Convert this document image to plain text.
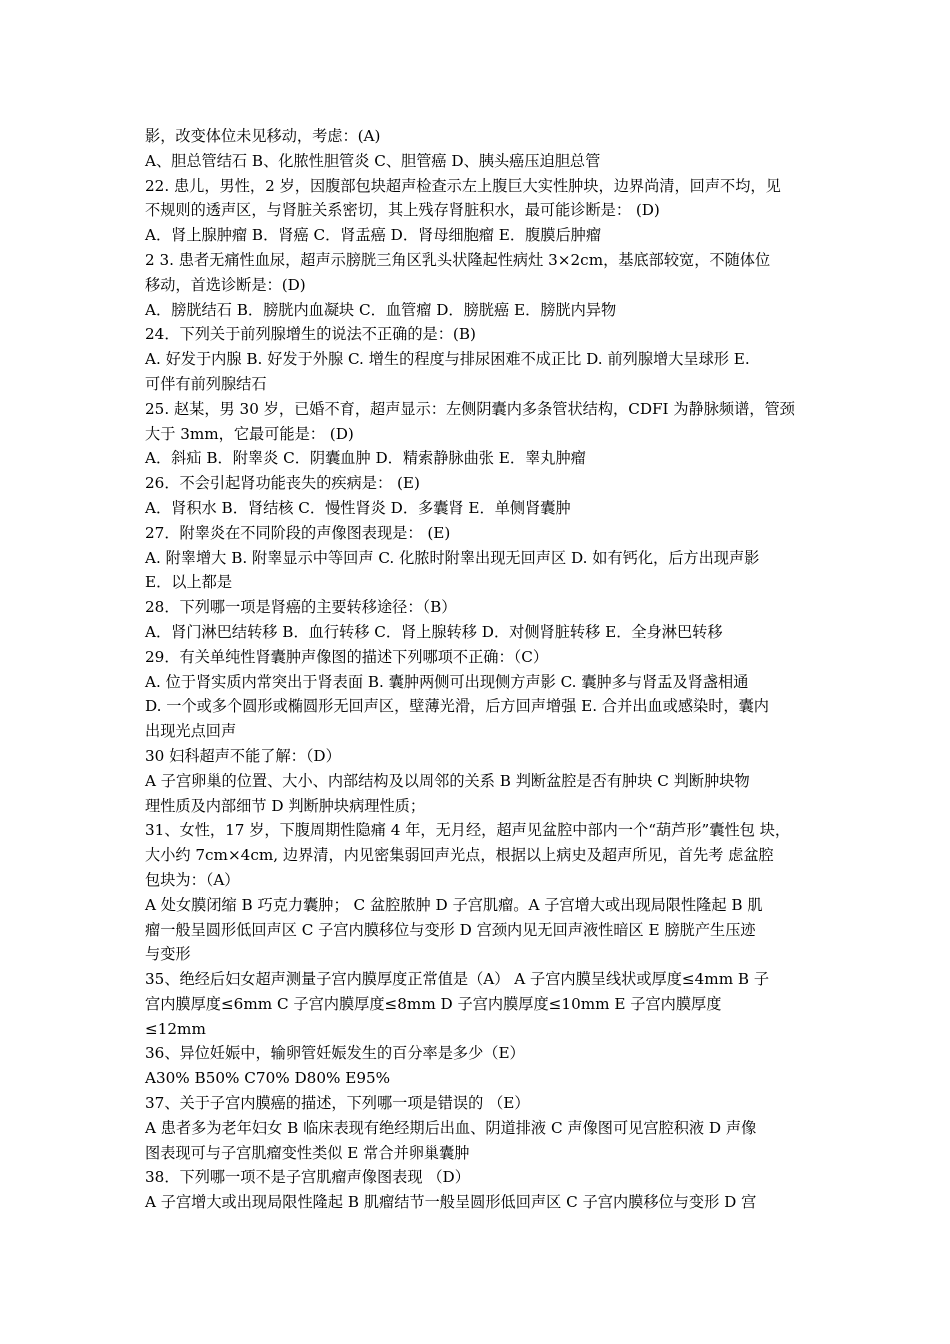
影，改变体位未见移动，考虑：(A)
A、胆总管结石 B、化脓性胆管炎 C、胆管癌 D、胰头癌压迫胆总管
22. 患儿，男性，2 岁，因腹部包块超声检查示左上腹巨大实性肿块，边界尚清，回声不均，见
不规则的透声区，与肾脏关系密切，其上残存肾脏积水，最可能诊断是： (D)
A．肾上腺肿瘤 B．肾癌 C．肾盂癌 D．肾母细胞瘤 E．腹膜后肿瘤
2 3. 患者无痛性血尿，超声示膀胱三角区乳头状隆起性病灶 3×2cm，基底部较宽，不随体位
移动，首选诊断是：(D)
A．膀胱结石 B．膀胱内血凝块 C．血管瘤 D．膀胱癌 E．膀胱内异物
24．下列关于前列腺增生的说法不正确的是：(B)
A. 好发于内腺 B. 好发于外腺 C. 增生的程度与排尿困难不成正比 D. 前列腺增大呈球形 E.
可伴有前列腺结石
25. 赵某，男 30 岁，已婚不育，超声显示：左侧阴囊内多条管状结构，CDFI 为静脉频谱，管颈
大于 3mm，它最可能是： (D)
A．斜疝 B．附睾炎 C．阴囊血肿 D．精索静脉曲张 E．睾丸肿瘤
26．不会引起肾功能丧失的疾病是： (E)
A．肾积水 B．肾结核 C．慢性肾炎 D．多囊肾 E．单侧肾囊肿
27．附睾炎在不同阶段的声像图表现是： (E)
A. 附睾增大 B. 附睾显示中等回声 C. 化脓时附睾出现无回声区 D. 如有钙化，后方出现声影
E．以上都是
28．下列哪一项是肾癌的主要转移途径：（B）
A．肾门淋巴结转移 B．血行转移 C．肾上腺转移 D．对侧肾脏转移 E．全身淋巴转移
29．有关单纯性肾囊肿声像图的描述下列哪项不正确：（C）
A. 位于肾实质内常突出于肾表面 B. 囊肿两侧可出现侧方声影 C. 囊肿多与肾盂及肾盏相通
D. 一个或多个圆形或椭圆形无回声区，壁薄光滑，后方回声增强 E. 合并出血或感染时，囊内
出现光点回声
30 妇科超声不能了解：（D）
A 子宫卵巢的位置、大小、内部结构及以周邻的关系 B 判断盆腔是否有肿块 C 判断肿块物
理性质及内部细节 D 判断肿块病理性质；
31、女性，17 岁，下腹周期性隐痛 4 年，无月经，超声见盆腔中部内一个“葫芦形”囊性包 块，
大小约 7cm×4cm, 边界清，内见密集弱回声光点，根据以上病史及超声所见，首先考 虑盆腔
包块为：（A）
A 处女膜闭缩 B 巧克力囊肿； C 盆腔脓肿 D 子宫肌瘤。A 子宫增大或出现局限性隆起 B 肌
瘤一般呈圆形低回声区 C 子宫内膜移位与变形 D 宫颈内见无回声液性暗区 E 膀胱产生压迹
与变形
35、绝经后妇女超声测量子宫内膜厚度正常值是（A） A 子宫内膜呈线状或厚度≤4mm B 子
宫内膜厚度≤6mm C 子宫内膜厚度≤8mm D 子宫内膜厚度≤10mm E 子宫内膜厚度
≤12mm
36、异位妊娠中，输卵管妊娠发生的百分率是多少（E）
A30% B50% C70% D80% E95%
37、关于子宫内膜癌的描述，下列哪一项是错误的 （E）
A 患者多为老年妇女 B 临床表现有绝经期后出血、阴道排液 C 声像图可见宫腔积液 D 声像
图表现可与子宫肌瘤变性类似 E 常合并卵巢囊肿
38．下列哪一项不是子宫肌瘤声像图表现 （D）
A 子宫增大或出现局限性隆起 B 肌瘤结节一般呈圆形低回声区 C 子宫内膜移位与变形 D 宫
